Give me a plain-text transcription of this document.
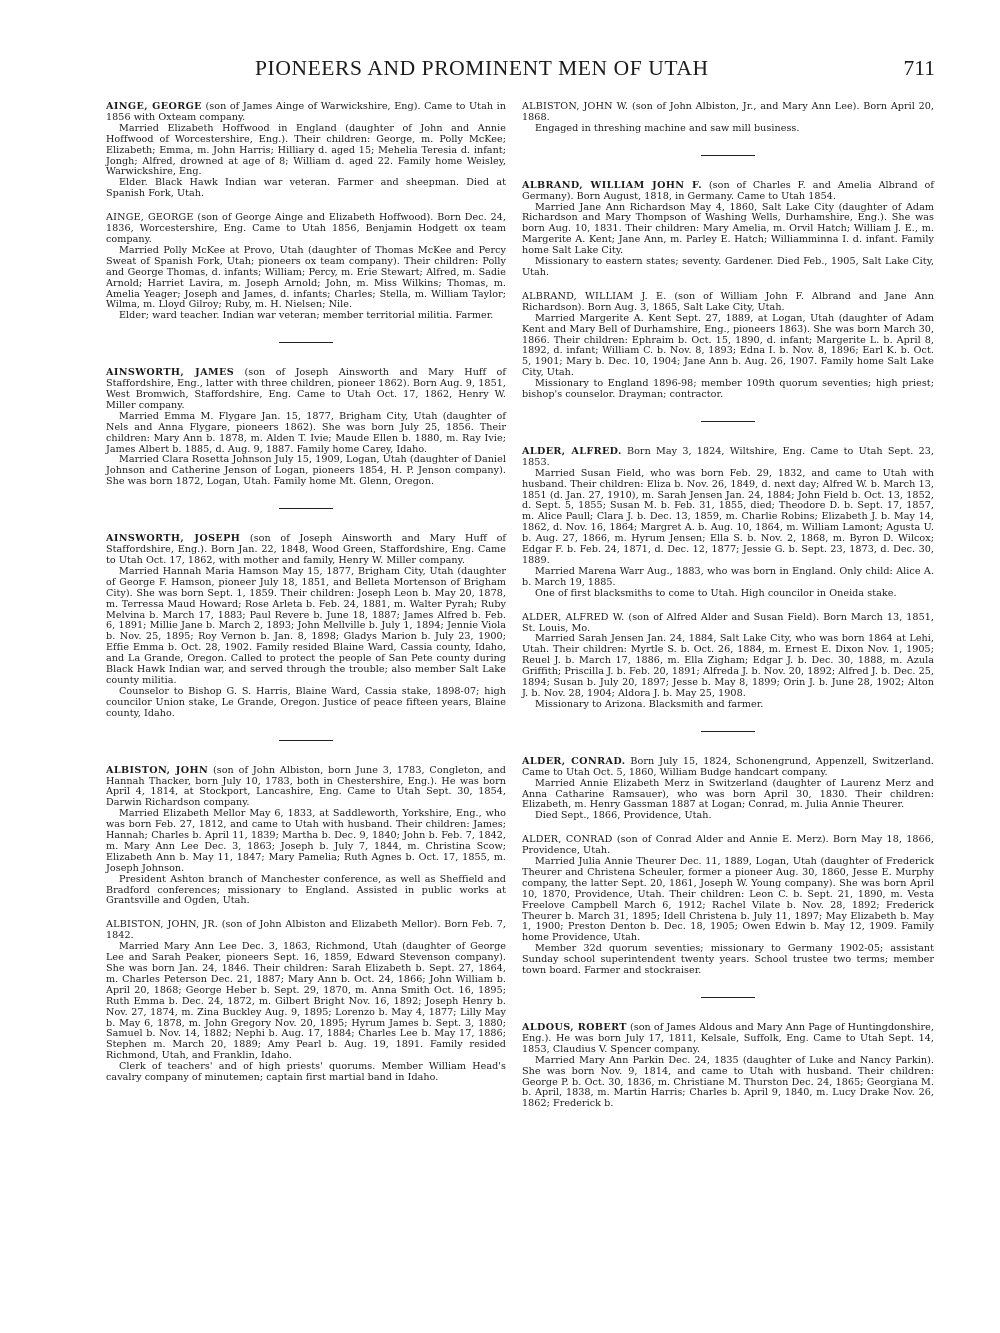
PIONEERS AND PROMINENT MEN OF UTAH	711

AINGE, GEORGE (son of James Ainge of Warwickshire, Eng). Came to Utah in 1856 with Oxteam company.

Married Elizabeth Hoffwood in England (daughter of John and Annie Hoffwood of Worcestershire, Eng.). Their children: George, m. Polly McKee; Elizabeth; Emma, m. John Harris; Hilliary d. aged 15; Mehelia Teresia d. infant; Jongh; Alfred, drowned at age of 8; William d. aged 22. Family home Weisley, Warwickshire, Eng.

Elder. Black Hawk Indian war veteran. Farmer and sheepman. Died at Spanish Fork, Utah.

AINGE, GEORGE (son of George Ainge and Elizabeth Hoffwood). Born Dec. 24, 1836, Worcestershire, Eng. Came to Utah 1856, Benjamin Hodgett ox team company.

Married Polly McKee at Provo, Utah (daughter of Thomas McKee and Percy Sweat of Spanish Fork, Utah; pioneers ox team company). Their children: Polly and George Thomas, d. infants; William; Percy, m. Erie Stewart; Alfred, m. Sadie Arnold; Harriet Lavira, m. Joseph Arnold; John, m. Miss Wilkins; Thomas, m. Amelia Yeager; Joseph and James, d. infants; Charles; Stella, m. William Taylor; Wilma, m. Lloyd Gilroy; Ruby, m. H. Nielsen; Nile.

Elder; ward teacher. Indian war veteran; member territorial militia. Farmer.

AINSWORTH, JAMES (son of Joseph Ainsworth and Mary Huff of Staffordshire, Eng., latter with three children, pioneer 1862). Born Aug. 9, 1851, West Bromwich, Staffordshire, Eng. Came to Utah Oct. 17, 1862, Henry W. Miller company.

Married Emma M. Flygare Jan. 15, 1877, Brigham City, Utah (daughter of Nels and Anna Flygare, pioneers 1862). She was born July 25, 1856. Their children: Mary Ann b. 1878, m. Alden T. Ivie; Maude Ellen b. 1880, m. Ray Ivie; James Albert b. 1885, d. Aug. 9, 1887. Family home Carey, Idaho.

Married Clara Rosetta Johnson July 15, 1909, Logan, Utah (daughter of Daniel Johnson and Catherine Jenson of Logan, pioneers 1854, H. P. Jenson company). She was born 1872, Logan, Utah. Family home Mt. Glenn, Oregon.

AINSWORTH, JOSEPH (son of Joseph Ainsworth and Mary Huff of Staffordshire, Eng.). Born Jan. 22, 1848, Wood Green, Staffordshire, Eng. Came to Utah Oct. 17, 1862, with mother and family, Henry W. Miller company.

Married Hannah Maria Hamson May 15, 1877, Brigham City, Utah (daughter of George F. Hamson, pioneer July 18, 1851, and Belleta Mortenson of Brigham City). She was born Sept. 1, 1859. Their children: Joseph Leon b. May 20, 1878, m. Terressa Maud Howard; Rose Arleta b. Feb. 24, 1881, m. Walter Pyrah; Ruby Melvina b. March 17, 1883; Paul Revere b. June 18, 1887; James Alfred b. Feb. 6, 1891; Millie Jane b. March 2, 1893; John Mellville b. July 1, 1894; Jennie Viola b. Nov. 25, 1895; Roy Vernon b. Jan. 8, 1898; Gladys Marion b. July 23, 1900; Effie Emma b. Oct. 28, 1902. Family resided Blaine Ward, Cassia county, Idaho, and La Grande, Oregon. Called to protect the people of San Pete county during Black Hawk Indian war, and served through the trouble; also member Salt Lake county militia.

Counselor to Bishop G. S. Harris, Blaine Ward, Cassia stake, 1898-07; high councilor Union stake, Le Grande, Oregon. Justice of peace fifteen years, Blaine county, Idaho.

ALBISTON, JOHN (son of John Albiston, born June 3, 1783, Congleton, and Hannah Thacker, born July 10, 1783, both in Chestershire, Eng.). He was born April 4, 1814, at Stockport, Lancashire, Eng. Came to Utah Sept. 30, 1854, Darwin Richardson company.

Married Elizabeth Mellor May 6, 1833, at Saddleworth, Yorkshire, Eng., who was born Feb. 27, 1812, and came to Utah with husband. Their children: James; Hannah; Charles b. April 11, 1839; Martha b. Dec. 9, 1840; John b. Feb. 7, 1842, m. Mary Ann Lee Dec. 3, 1863; Joseph b. July 7, 1844, m. Christina Scow; Elizabeth Ann b. May 11, 1847; Mary Pamelia; Ruth Agnes b. Oct. 17, 1855, m. Joseph Johnson.

President Ashton branch of Manchester conference, as well as Sheffield and Bradford conferences; missionary to England. Assisted in public works at Grantsville and Ogden, Utah.

ALBISTON, JOHN, JR. (son of John Albiston and Elizabeth Mellor). Born Feb. 7, 1842.

Married Mary Ann Lee Dec. 3, 1863, Richmond, Utah (daughter of George Lee and Sarah Peaker, pioneers Sept. 16, 1859, Edward Stevenson company). She was born Jan. 24, 1846. Their children: Sarah Elizabeth b. Sept. 27, 1864, m. Charles Peterson Dec. 21, 1887; Mary Ann b. Oct. 24, 1866; John William b. April 20, 1868; George Heber b. Sept. 29, 1870, m. Anna Smith Oct. 16, 1895; Ruth Emma b. Dec. 24, 1872, m. Gilbert Bright Nov. 16, 1892; Joseph Henry b. Nov. 27, 1874, m. Zina Buckley Aug. 9, 1895; Lorenzo b. May 4, 1877; Lilly May b. May 6, 1878, m. John Gregory Nov. 20, 1895; Hyrum James b. Sept. 3, 1880; Samuel b. Nov. 14, 1882; Nephi b. Aug. 17, 1884; Charles Lee b. May 17, 1886; Stephen m. March 20, 1889; Amy Pearl b. Aug. 19, 1891. Family resided Richmond, Utah, and Franklin, Idaho.

Clerk of teachers' and of high priests' quorums. Member William Head's cavalry company of minutemen; captain first martial band in Idaho.

ALBISTON, JOHN W. (son of John Albiston, Jr., and Mary Ann Lee). Born April 20, 1868.

Engaged in threshing machine and saw mill business.

ALBRAND, WILLIAM JOHN F. (son of Charles F. and Amelia Albrand of Germany). Born August, 1818, in Germany. Came to Utah 1854.

Married Jane Ann Richardson May 4, 1860, Salt Lake City (daughter of Adam Richardson and Mary Thompson of Washing Wells, Durhamshire, Eng.). She was born Aug. 10, 1831. Their children: Mary Amelia, m. Orvil Hatch; William J. E., m. Margerite A. Kent; Jane Ann, m. Parley E. Hatch; Williamminna I. d. infant. Family home Salt Lake City.

Missionary to eastern states; seventy. Gardener. Died Feb., 1905, Salt Lake City, Utah.

ALBRAND, WILLIAM J. E. (son of William John F. Albrand and Jane Ann Richardson). Born Aug. 3, 1865, Salt Lake City, Utah.

Married Margerite A. Kent Sept. 27, 1889, at Logan, Utah (daughter of Adam Kent and Mary Bell of Durhamshire, Eng., pioneers 1863). She was born March 30, 1866. Their children: Ephraim b. Oct. 15, 1890, d. infant; Margerite L. b. April 8, 1892, d. infant; William C. b. Nov. 8, 1893; Edna I. b. Nov. 8, 1896; Earl K. b. Oct. 5, 1901; Mary b. Dec. 10, 1904; Jane Ann b. Aug. 26, 1907. Family home Salt Lake City, Utah.

Missionary to England 1896-98; member 109th quorum seventies; high priest; bishop's counselor. Drayman; contractor.

ALDER, ALFRED. Born May 3, 1824, Wiltshire, Eng. Came to Utah Sept. 23, 1853.

Married Susan Field, who was born Feb. 29, 1832, and came to Utah with husband. Their children: Eliza b. Nov. 26, 1849, d. next day; Alfred W. b. March 13, 1851 (d. Jan. 27, 1910), m. Sarah Jensen Jan. 24, 1884; John Field b. Oct. 13, 1852, d. Sept. 5, 1855; Susan M. b. Feb. 31, 1855, died; Theodore D. b. Sept. 17, 1857, m. Alice Paull; Clara J. b. Dec. 13, 1859, m. Charlie Robins; Elizabeth J. b. May 14, 1862, d. Nov. 16, 1864; Margret A. b. Aug. 10, 1864, m. William Lamont; Agusta U. b. Aug. 27, 1866, m. Hyrum Jensen; Ella S. b. Nov. 2, 1868, m. Byron D. Wilcox; Edgar F. b. Feb. 24, 1871, d. Dec. 12, 1877; Jessie G. b. Sept. 23, 1873, d. Dec. 30, 1889.

Married Marena Warr Aug., 1883, who was born in England. Only child: Alice A. b. March 19, 1885.

One of first blacksmiths to come to Utah. High councilor in Oneida stake.

ALDER, ALFRED W. (son of Alfred Alder and Susan Field). Born March 13, 1851, St. Louis, Mo.

Married Sarah Jensen Jan. 24, 1884, Salt Lake City, who was born 1864 at Lehi, Utah. Their children: Myrtle S. b. Oct. 26, 1884, m. Ernest E. Dixon Nov. 1, 1905; Reuel J. b. March 17, 1886, m. Ella Zigham; Edgar J. b. Dec. 30, 1888, m. Azula Griffith; Priscilla J. b. Feb. 20, 1891; Alfreda J. b. Nov. 20, 1892; Alfred J. b. Dec. 25, 1894; Susan b. July 20, 1897; Jesse b. May 8, 1899; Orin J. b. June 28, 1902; Alton J. b. Nov. 28, 1904; Aldora J. b. May 25, 1908.

Missionary to Arizona. Blacksmith and farmer.

ALDER, CONRAD. Born July 15, 1824, Schonengrund, Appenzell, Switzerland. Came to Utah Oct. 5, 1860, William Budge handcart company.

Married Annie Elizabeth Merz in Switzerland (daughter of Laurenz Merz and Anna Catharine Ramsauer), who was born April 30, 1830. Their children: Elizabeth, m. Henry Gassman 1887 at Logan; Conrad, m. Julia Annie Theurer.

Died Sept., 1866, Providence, Utah.

ALDER, CONRAD (son of Conrad Alder and Annie E. Merz). Born May 18, 1866, Providence, Utah.

Married Julia Annie Theurer Dec. 11, 1889, Logan, Utah (daughter of Frederick Theurer and Christena Scheuler, former a pioneer Aug. 30, 1860, Jesse E. Murphy company, the latter Sept. 20, 1861, Joseph W. Young company). She was born April 10, 1870, Providence, Utah. Their children: Leon C. b. Sept. 21, 1890, m. Vesta Freelove Campbell March 6, 1912; Rachel Vilate b. Nov. 28, 1892; Frederick Theurer b. March 31, 1895; Idell Christena b. July 11, 1897; May Elizabeth b. May 1, 1900; Preston Denton b. Dec. 18, 1905; Owen Edwin b. May 12, 1909. Family home Providence, Utah.

Member 32d quorum seventies; missionary to Germany 1902-05; assistant Sunday school superintendent twenty years. School trustee two terms; member town board. Farmer and stockraiser.

ALDOUS, ROBERT (son of James Aldous and Mary Ann Page of Huntingdonshire, Eng.). He was born July 17, 1811, Kelsale, Suffolk, Eng. Came to Utah Sept. 14, 1853, Claudius V. Spencer company.

Married Mary Ann Parkin Dec. 24, 1835 (daughter of Luke and Nancy Parkin). She was born Nov. 9, 1814, and came to Utah with husband. Their children: George P. b. Oct. 30, 1836, m. Christiane M. Thurston Dec. 24, 1865; Georgiana M. b. April, 1838, m. Martin Harris; Charles b. April 9, 1840, m. Lucy Drake Nov. 26, 1862; Frederick b.
